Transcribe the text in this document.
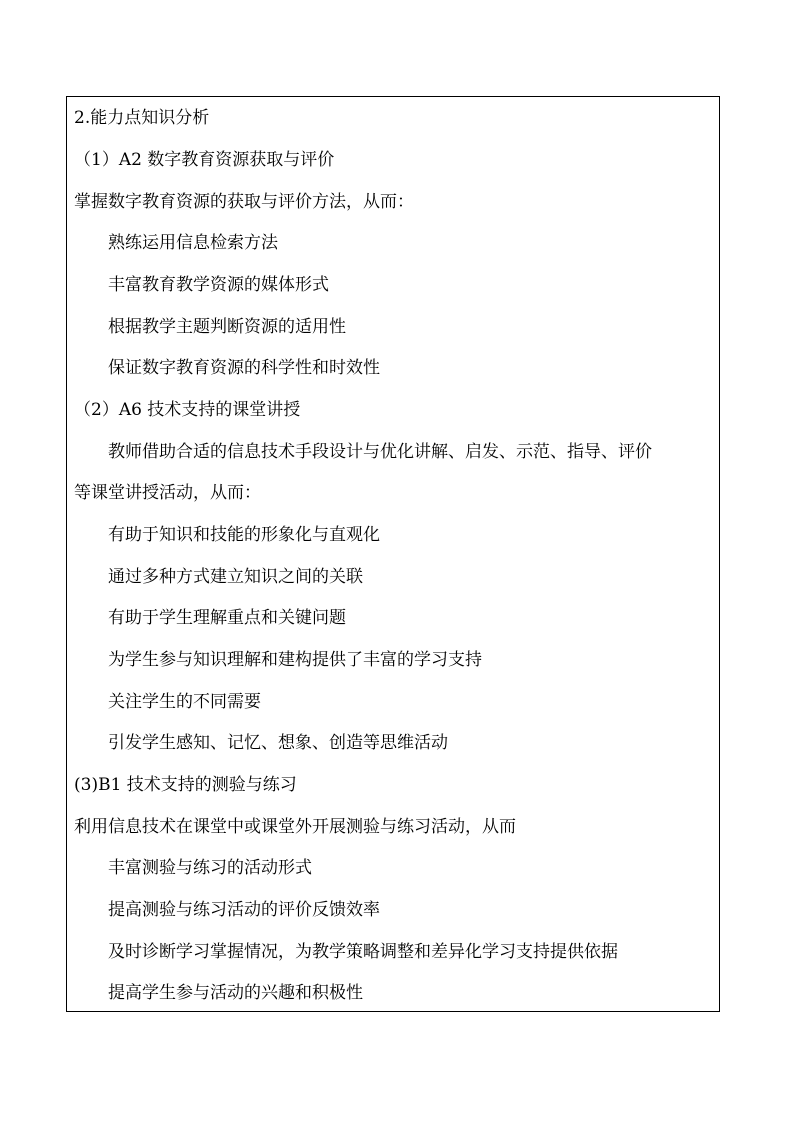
2.能力点知识分析
（1）A2 数字教育资源获取与评价
掌握数字教育资源的获取与评价方法，从而：
熟练运用信息检索方法
丰富教育教学资源的媒体形式
根据教学主题判断资源的适用性
保证数字教育资源的科学性和时效性
（2）A6 技术支持的课堂讲授
教师借助合适的信息技术手段设计与优化讲解、启发、示范、指导、评价
等课堂讲授活动，从而：
有助于知识和技能的形象化与直观化
通过多种方式建立知识之间的关联
有助于学生理解重点和关键问题
为学生参与知识理解和建构提供了丰富的学习支持
关注学生的不同需要
引发学生感知、记忆、想象、创造等思维活动
(3)B1 技术支持的测验与练习
利用信息技术在课堂中或课堂外开展测验与练习活动，从而
丰富测验与练习的活动形式
提高测验与练习活动的评价反馈效率
及时诊断学习掌握情况，为教学策略调整和差异化学习支持提供依据
提高学生参与活动的兴趣和积极性
